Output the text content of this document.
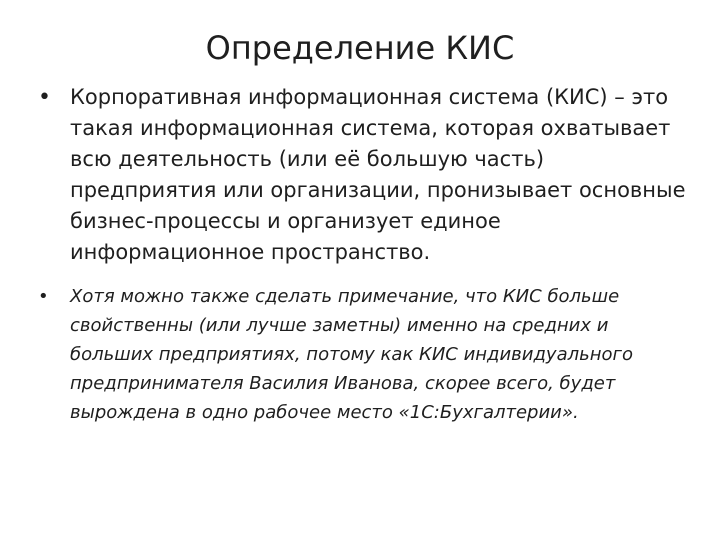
Определение КИС
• Корпоративная информационная система (КИС) – это такая информационная система, которая охватывает всю деятельность (или её большую часть) предприятия или организации, пронизывает основные бизнес-процессы и организует единое информационное пространство.
• Хотя можно также сделать примечание, что КИС больше свойственны (или лучше заметны) именно на средних и больших предприятиях, потому как КИС индивидуального предпринимателя Василия Иванова, скорее всего, будет вырождена в одно рабочее место «1С:Бухгалтерии».
